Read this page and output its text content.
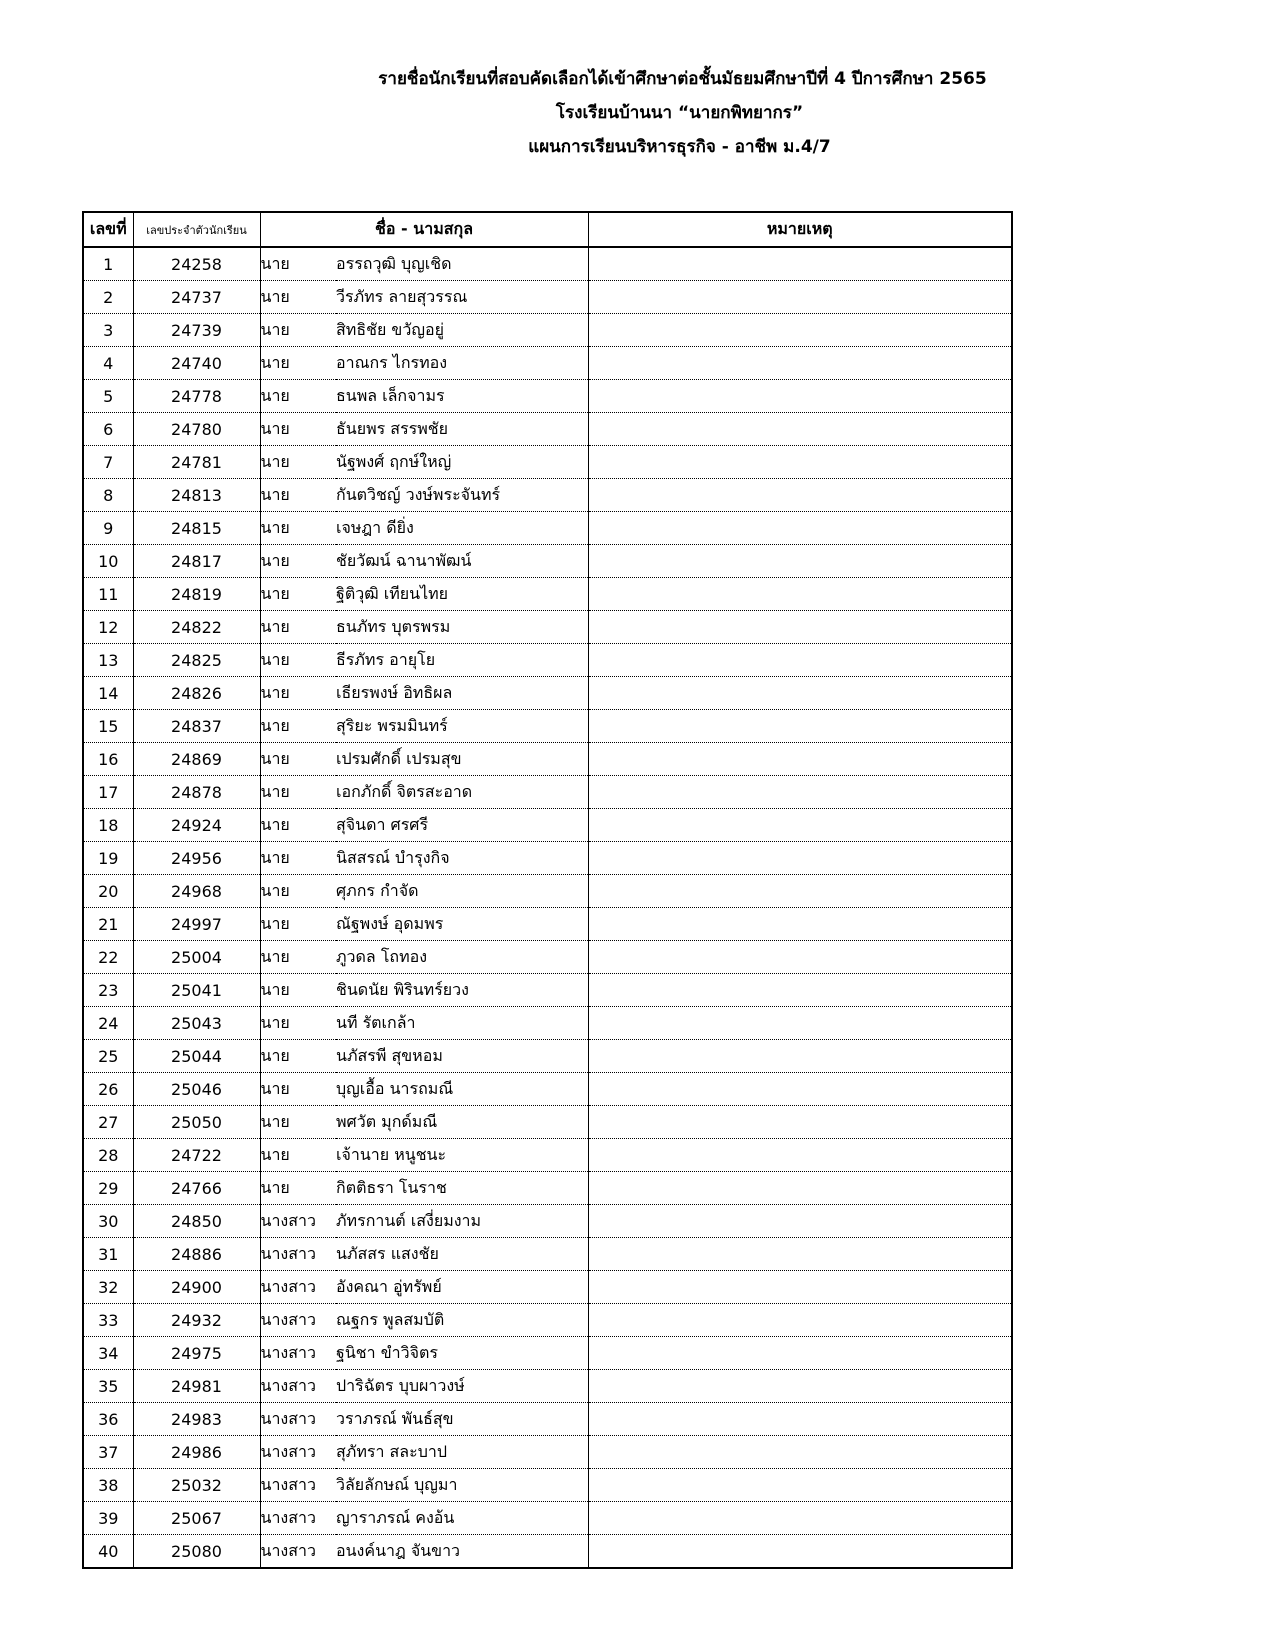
รายชื่อนักเรียนที่สอบคัดเลือกได้เข้าศึกษาต่อชั้นมัธยมศึกษาปีที่ 4 ปีการศึกษา 2565
โรงเรียนบ้านนา “นายกพิทยากร”
แผนการเรียนบริหารธุรกิจ - อาชีพ ม.4/7
เลขที่	เลขประจำตัวนักเรียน	ชื่อ - นามสกุล		หมายเหตุ
1	24258	นาย	อรรถวุฒิ บุญเชิด	
2	24737	นาย	วีรภัทร ลายสุวรรณ	
3	24739	นาย	สิทธิชัย ขวัญอยู่	
4	24740	นาย	อาณกร ไกรทอง	
5	24778	นาย	ธนพล เล็กจามร	
6	24780	นาย	ธันยพร สรรพชัย	
7	24781	นาย	นัฐพงศ์ ฤกษ์ใหญ่	
8	24813	นาย	กันตวิชญ์ วงษ์พระจันทร์	
9	24815	นาย	เจษฎา ดียิ่ง	
10	24817	นาย	ชัยวัฒน์ ฉานาพัฒน์	
11	24819	นาย	ฐิติวุฒิ เทียนไทย	
12	24822	นาย	ธนภัทร บุตรพรม	
13	24825	นาย	ธีรภัทร อายุโย	
14	24826	นาย	เธียรพงษ์ อิทธิผล	
15	24837	นาย	สุริยะ พรมมินทร์	
16	24869	นาย	เปรมศักดิ์ เปรมสุข	
17	24878	นาย	เอกภักดิ์ จิตรสะอาด	
18	24924	นาย	สุจินดา ศรศรี	
19	24956	นาย	นิสสรณ์ บำรุงกิจ	
20	24968	นาย	ศุภกร กำจัด	
21	24997	นาย	ณัฐพงษ์ อุดมพร	
22	25004	นาย	ภูวดล โถทอง	
23	25041	นาย	ชินดนัย พิรินทร์ยวง	
24	25043	นาย	นที รัตเกล้า	
25	25044	นาย	นภัสรพี สุขหอม	
26	25046	นาย	บุญเอื้อ นารถมณี	
27	25050	นาย	พศวัต มุกด์มณี	
28	24722	นาย	เจ้านาย หนูชนะ	
29	24766	นาย	กิตติธรา โนราช	
30	24850	นางสาว	ภัทรกานต์ เสงี่ยมงาม	
31	24886	นางสาว	นภัสสร แสงชัย	
32	24900	นางสาว	อังคณา อู่ทรัพย์	
33	24932	นางสาว	ณฐกร พูลสมบัติ	
34	24975	นางสาว	ฐนิชา ขำวิจิตร	
35	24981	นางสาว	ปาริฉัตร บุบผาวงษ์	
36	24983	นางสาว	วราภรณ์ พันธ์สุข	
37	24986	นางสาว	สุภัทรา สละบาป	
38	25032	นางสาว	วิลัยลักษณ์ บุญมา	
39	25067	นางสาว	ญาราภรณ์ คงอ้น	
40	25080	นางสาว	อนงค์นาฎ จันขาว	
